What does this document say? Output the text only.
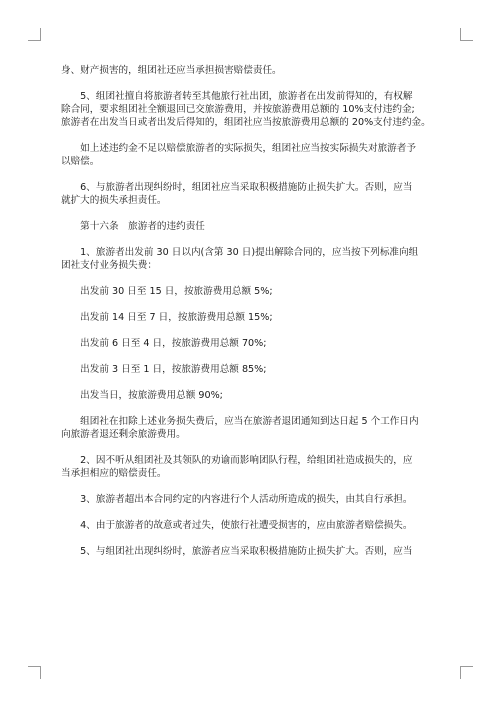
身、财产损害的，组团社还应当承担损害赔偿责任。

　　5、组团社擅自将旅游者转至其他旅行社出团，旅游者在出发前得知的，有权解

除合同，要求组团社全额退回已交旅游费用，并按旅游费用总额的 10%支付违约金;

旅游者在出发当日或者出发后得知的，组团社应当按旅游费用总额的 20%支付违约金。

　　如上述违约金不足以赔偿旅游者的实际损失，组团社应当按实际损失对旅游者予

以赔偿。

　　6、与旅游者出现纠纷时，组团社应当采取积极措施防止损失扩大。否则，应当

就扩大的损失承担责任。

　　第十六条　旅游者的违约责任

　　1、旅游者出发前 30 日以内(含第 30 日)提出解除合同的，应当按下列标准向组

团社支付业务损失费：

　　出发前 30 日至 15 日，按旅游费用总额 5%;

　　出发前 14 日至 7 日，按旅游费用总额 15%;

　　出发前 6 日至 4 日，按旅游费用总额 70%;

　　出发前 3 日至 1 日，按旅游费用总额 85%;

　　出发当日，按旅游费用总额 90%;

　　组团社在扣除上述业务损失费后，应当在旅游者退团通知到达日起 5 个工作日内

向旅游者退还剩余旅游费用。

　　2、因不听从组团社及其领队的劝谕而影响团队行程，给组团社造成损失的，应

当承担相应的赔偿责任。

　　3、旅游者超出本合同约定的内容进行个人活动所造成的损失，由其自行承担。

　　4、由于旅游者的故意或者过失，使旅行社遭受损害的，应由旅游者赔偿损失。

　　5、与组团社出现纠纷时，旅游者应当采取积极措施防止损失扩大。否则，应当
